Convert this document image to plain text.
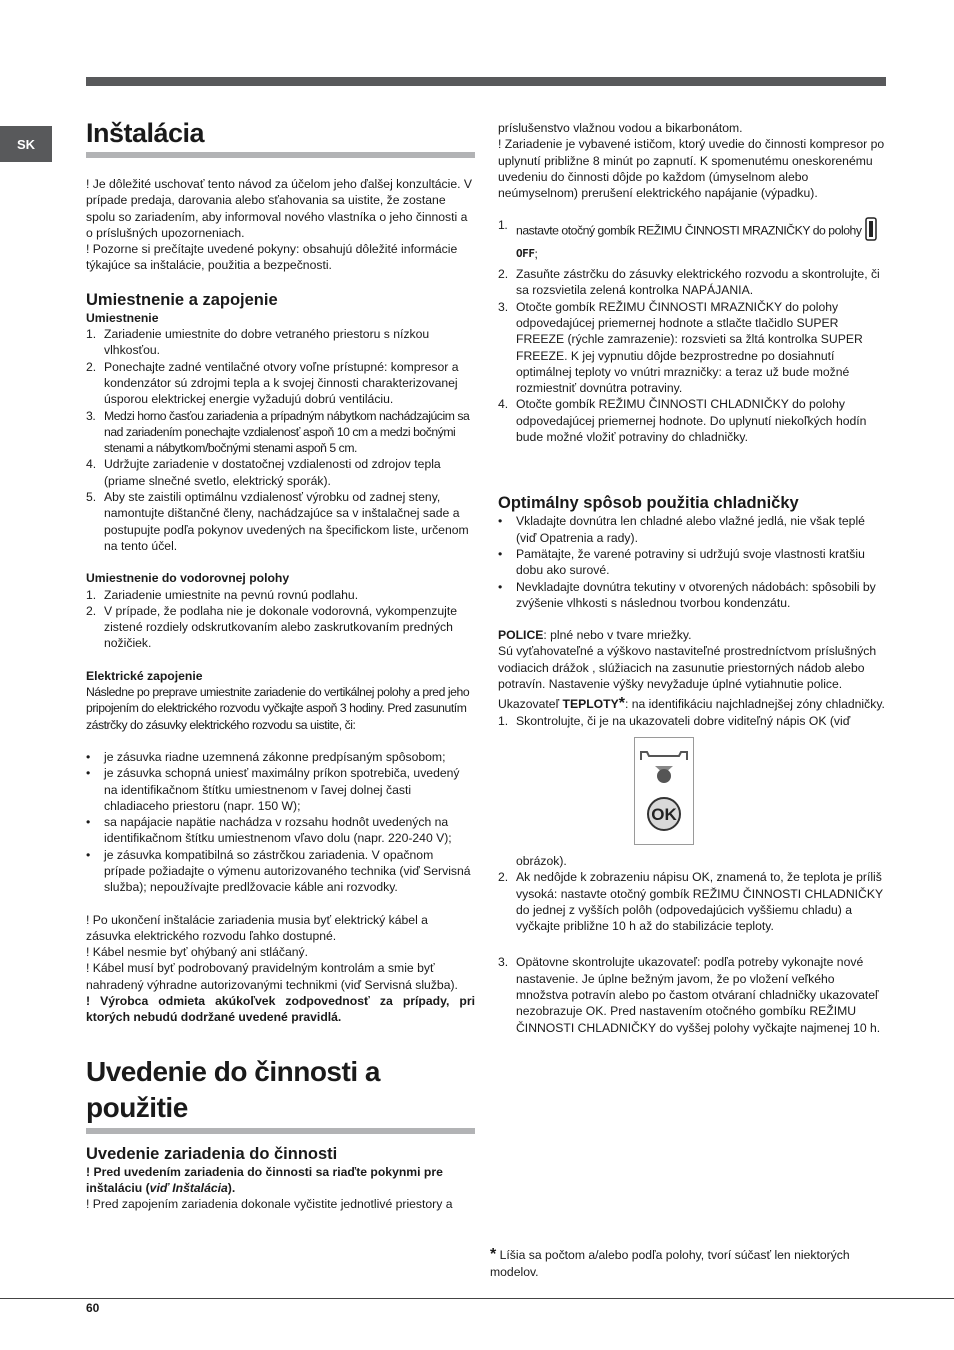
SK	Inštalácia

! Je dôležité uschovať tento návod za účelom jeho ďalšej konzultácie. V prípade predaja, darovania alebo sťahovania sa uistite, že zostane spolu so zariadením, aby informoval nového vlastníka o jeho činnosti a o príslušných upozorneniach.

! Pozorne si prečítajte uvedené pokyny: obsahujú dôležité informácie týkajúce sa inštalácie, použitia a bezpečnosti.

Umiestnenie a zapojenie

Umiestnenie

1. Zariadenie umiestnite do dobre vetraného priestoru s nízkou vlhkosťou.
2. Ponechajte zadné ventilačné otvory voľne prístupné: kompresor a kondenzátor sú zdrojmi tepla a k svojej činnosti charakterizovanej úsporou elektrickej energie vyžadujú dobrú ventiláciu.
3. Medzi horno časťou zariadenia a prípadným nábytkom nachádzajúcim sa nad zariadením ponechajte vzdialenosť aspoň 10 cm a medzi bočnými stenami a nábytkom/bočnými stenami aspoň 5 cm.
4. Udržujte zariadenie v dostatočnej vzdialenosti od zdrojov tepla (priame slnečné svetlo, elektrický sporák).
5. Aby ste zaistili optimálnu vzdialenosť výrobku od zadnej steny, namontujte dištančné členy, nachádzajúce sa v inštalačnej sade a postupujte podľa pokynov uvedených na špecifickom liste, určenom na tento účel.

Umiestnenie do vodorovnej polohy

1. Zariadenie umiestnite na pevnú rovnú podlahu.
2. V prípade, že podlaha nie je dokonale vodorovná, vykompenzujte zistené rozdiely odskrutkovaním alebo zaskrutkovaním predných nožičiek.

Elektrické zapojenie

Následne po preprave umiestnite zariadenie do vertikálnej polohy a pred jeho pripojením do elektrického rozvodu vyčkajte aspoň 3 hodiny. Pred zasunutím zástrčky do zásuvky elektrického rozvodu sa uistite, či:

• je zásuvka riadne uzemnená zákonne predpísaným spôsobom;
• je zásuvka schopná uniesť maximálny príkon spotrebiča, uvedený na identifikačnom štítku umiestnenom v ľavej dolnej časti chladiaceho priestoru (napr. 150 W);
• sa napájacie napätie nachádza v rozsahu hodnôt uvedených na identifikačnom štítku umiestnenom vľavo dolu (napr. 220-240 V);
• je zásuvka kompatibilná so zástrčkou zariadenia. V opačnom prípade požiadajte o výmenu autorizovaného technika (viď Servisná služba); nepoužívajte predlžovacie káble ani rozvodky.

! Po ukončení inštalácie zariadenia musia byť elektrický kábel a zásuvka elektrického rozvodu ľahko dostupné.

! Kábel nesmie byť ohýbaný ani stláčaný.

! Kábel musí byť podrobovaný pravidelným kontrolám a smie byť nahradený výhradne autorizovanými technikmi (viď Servisná služba).

! Výrobca odmieta akúkoľvek zodpovednosť za prípady, pri ktorých nebudú dodržané uvedené pravidlá.

Uvedenie do činnosti a použitie
Uvedenie zariadenia do činnosti

! Pred uvedením zariadenia do činnosti sa riaďte pokynmi pre inštaláciu (viď Inštalácia).

! Pred zapojením zariadenia dokonale vyčistite jednotlivé priestory a

príslušenstvo vlažnou vodou a bikarbonátom.

! Zariadenie je vybavené ističom, ktorý uvedie do činnosti kompresor po uplynutí približne 8 minút po zapnutí. K spomenutému oneskorenému uvedeniu do činnosti dôjde po každom (úmyselnom alebo neúmyselnom) prerušení elektrického napájanie (výpadku).

1. nastavte otočný gombík REŽIMU ČINNOSTI MRAZNIČKY do polohy OFF;
2. Zasuňte zástrčku do zásuvky elektrického rozvodu a skontrolujte, či sa rozsvietila zelená kontrolka NAPÁJANIA.
3. Otočte gombík REŽIMU ČINNOSTI MRAZNIČKY do polohy odpovedajúcej priemernej hodnote a stlačte tlačidlo SUPER FREEZE (rýchle zamrazenie): rozsvieti sa žltá kontrolka SUPER FREEZE. K jej vypnutiu dôjde bezprostredne po dosiahnutí optimálnej teploty vo vnútri mrazničky: a teraz už bude možné rozmiestniť dovnútra potraviny.
4. Otočte gombík REŽIMU ČINNOSTI CHLADNIČKY do polohy odpovedajúcej priemernej hodnote. Do uplynutí niekoľkých hodín bude možné vložiť potraviny do chladničky.
Optimálny spôsob použitia chladničky
• Vkladajte dovnútra len chladné alebo vlažné jedlá, nie však teplé (viď Opatrenia a rady).
• Pamätajte, že varené potraviny si udržujú svoje vlastnosti kratšiu dobu ako surové.
• Nevkladajte dovnútra tekutiny v otvorených nádobách: spôsobili by zvýšenie vlhkosti s následnou tvorbou kondenzátu.

POLICE: plné nebo v tvare mriežky.

Sú vyťahovateľné a výškovo nastaviteľné prostredníctvom príslušných vodiacich drážok , slúžiacich na zasunutie priestorných nádob alebo potravín. Nastavenie výšky nevyžaduje úplné vytiahnutie police.

Ukazovateľ TEPLOTY*: na identifikáciu najchladnejšej zóny chladničky.

1. Skontrolujte, či je na ukazovateli dobre viditeľný nápis OK (viď
OK

obrázok).

2. Ak nedôjde k zobrazeniu nápisu OK, znamená to, že teplota je príliš vysoká: nastavte otočný gombík REŽIMU ČINNOSTI CHLADNIČKY do jednej z vyšších polôh (odpovedajúcich vyššiemu chladu) a vyčkajte približne 10 h až do stabilizácie teploty.
3. Opätovne skontrolujte ukazovateľ: podľa potreby vykonajte nové nastavenie. Je úplne bežným javom, že po vložení veľkého množstva potravín alebo po častom otváraní chladničky ukazovateľ nezobrazuje OK. Pred nastavením otočného gombíku REŽIMU ČINNOSTI CHLADNIČKY do vyššej polohy vyčkajte najmenej 10 h.
* Líšia sa počtom a/alebo podľa polohy, tvorí súčasť len niektorých modelov.
60
